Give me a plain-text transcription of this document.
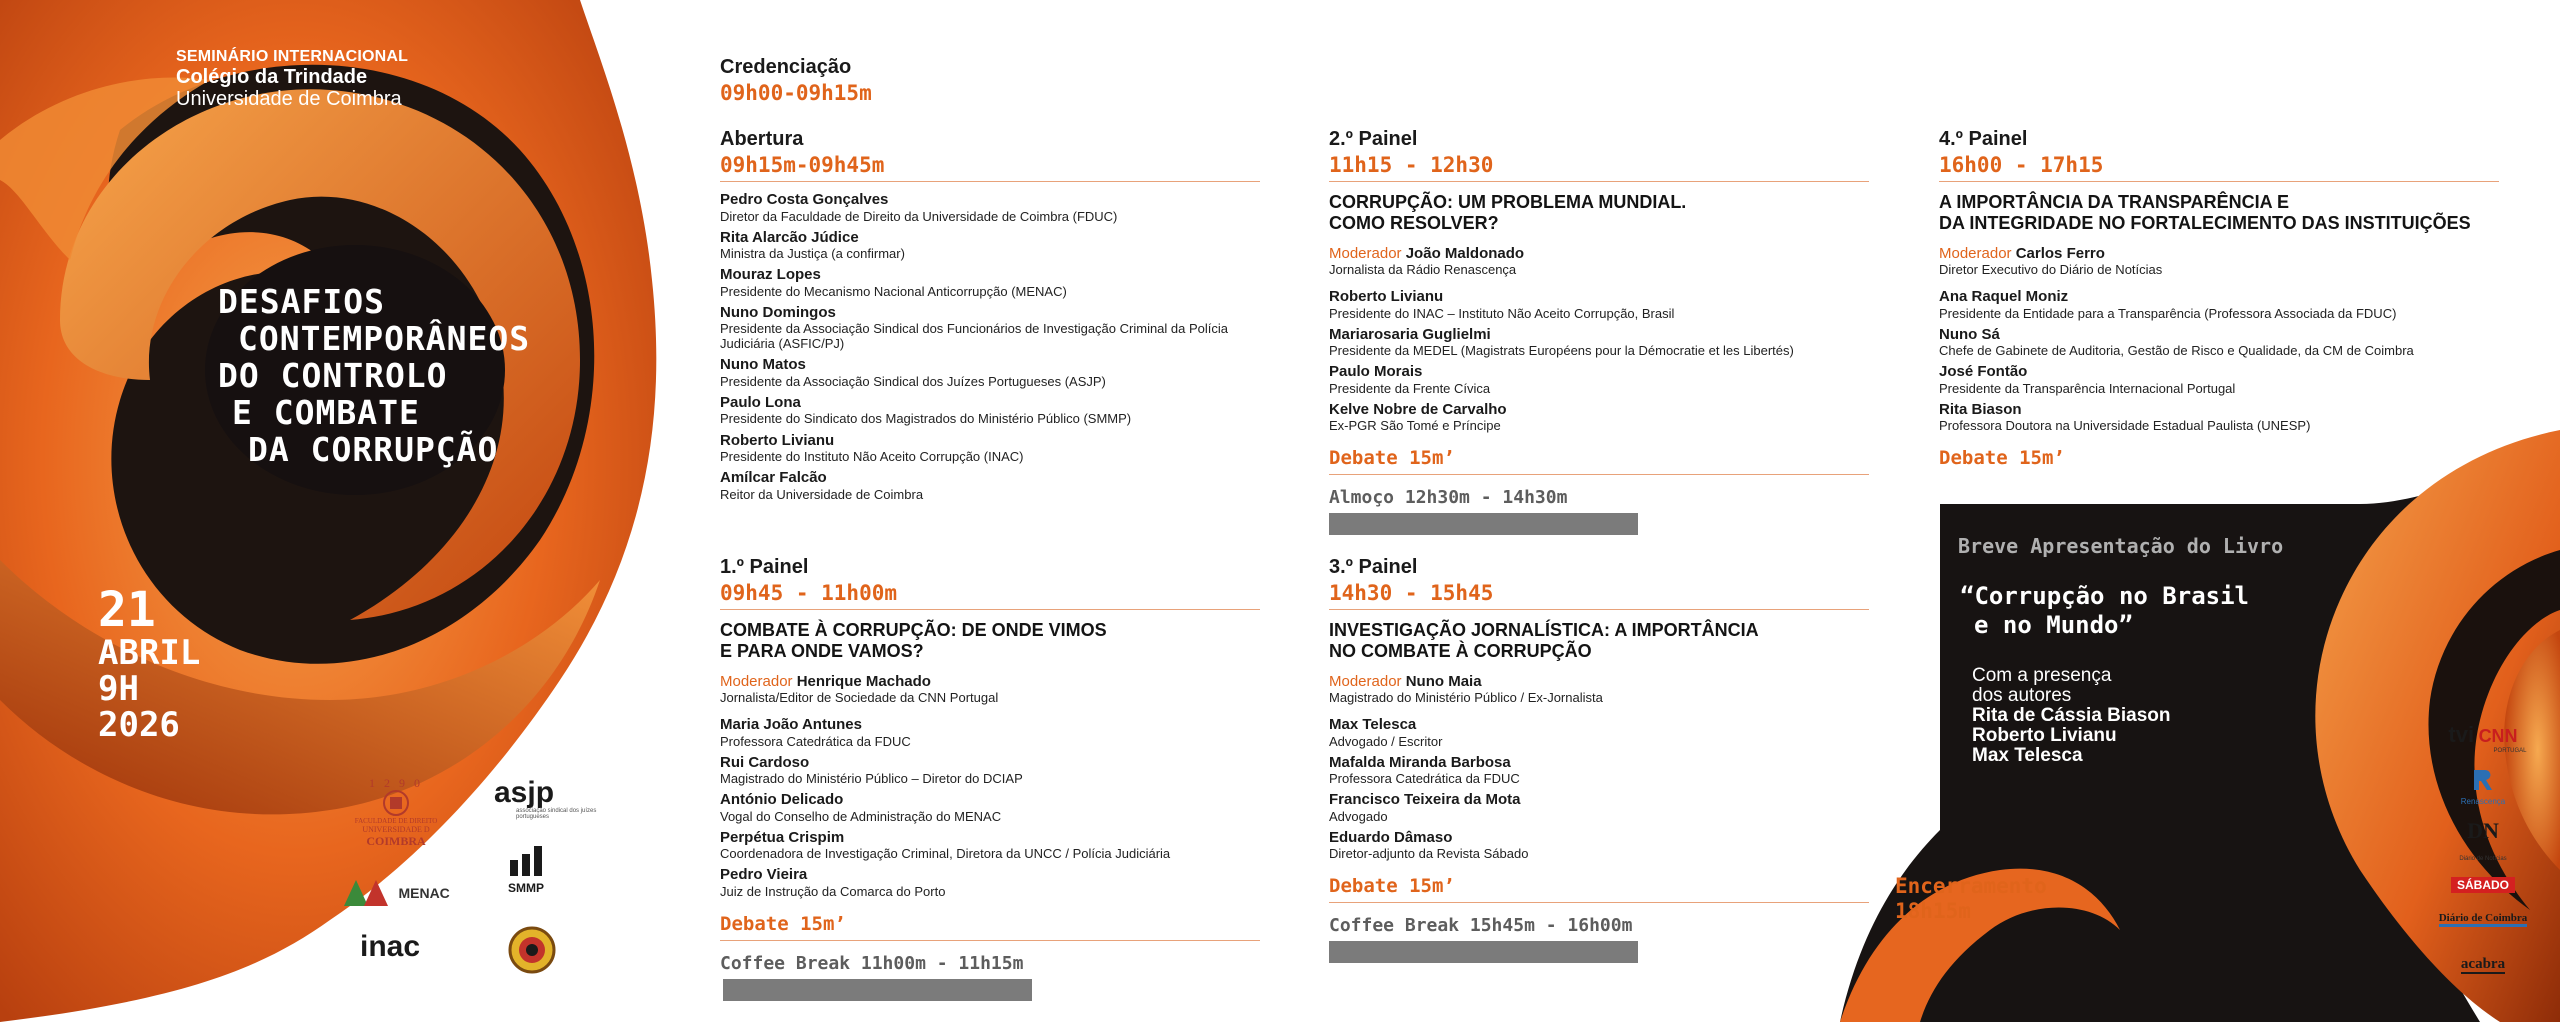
SEMINÁRIO INTERNACIONAL
Colégio da Trindade
Universidade de Coimbra
DESAFIOS
CONTEMPORÂNEOS
DO CONTROLO
E COMBATE
DA CORRUPÇÃO
21
ABRIL
9H
2026
1 2 9 0
FACULDADE DE DIREITO
UNIVERSIDADE D
COIMBRA
asjp
associação sindical dos juízes portugueses
MENAC	SMMP
inac
Credenciação
09h00-09h15m
Abertura
09h15m-09h45m
Pedro Costa Gonçalves
Diretor da Faculdade de Direito da Universidade de Coimbra (FDUC)
Rita Alarcão Júdice
Ministra da Justiça (a confirmar)
Mouraz Lopes
Presidente do Mecanismo Nacional Anticorrupção (MENAC)
Nuno Domingos
Presidente da Associação Sindical dos Funcionários de Investigação Criminal da Polícia Judiciária (ASFIC/PJ)
Nuno Matos
Presidente da Associação Sindical dos Juízes Portugueses (ASJP)
Paulo Lona
Presidente do Sindicato dos Magistrados do Ministério Público (SMMP)
Roberto Livianu
Presidente do Instituto Não Aceito Corrupção (INAC)
Amílcar Falcão
Reitor da Universidade de Coimbra
1.º Painel
09h45 - 11h00m
COMBATE À CORRUPÇÃO: DE ONDE VIMOS
E PARA ONDE VAMOS?
Moderador Henrique Machado
Jornalista/Editor de Sociedade da CNN Portugal
Maria João Antunes
Professora Catedrática da FDUC
Rui Cardoso
Magistrado do Ministério Público – Diretor do DCIAP
António Delicado
Vogal do Conselho de Administração do MENAC
Perpétua Crispim
Coordenadora de Investigação Criminal, Diretora da UNCC / Polícia Judiciária
Pedro Vieira
Juiz de Instrução da Comarca do Porto
Debate 15m’
Coffee Break 11h00m - 11h15m
2.º Painel
11h15 - 12h30
CORRUPÇÃO: UM PROBLEMA MUNDIAL.
COMO RESOLVER?
Moderador João Maldonado
Jornalista da Rádio Renascença
Roberto Livianu
Presidente do INAC – Instituto Não Aceito Corrupção, Brasil
Mariarosaria Guglielmi
Presidente da MEDEL (Magistrats Européens pour la Démocratie et les Libertés)
Paulo Morais
Presidente da Frente Cívica
Kelve Nobre de Carvalho
Ex-PGR São Tomé e Príncipe
Debate 15m’
Almoço 12h30m - 14h30m
3.º Painel
14h30 - 15h45
INVESTIGAÇÃO JORNALÍSTICA: A IMPORTÂNCIA
NO COMBATE À CORRUPÇÃO
Moderador Nuno Maia
Magistrado do Ministério Público / Ex-Jornalista
Max Telesca
Advogado / Escritor
Mafalda Miranda Barbosa
Professora Catedrática da FDUC
Francisco Teixeira da Mota
Advogado
Eduardo Dâmaso
Diretor-adjunto da Revista Sábado
Debate 15m’
Coffee Break 15h45m - 16h00m
4.º Painel
16h00 - 17h15
A IMPORTÂNCIA DA TRANSPARÊNCIA E
DA INTEGRIDADE NO FORTALECIMENTO DAS INSTITUIÇÕES
Moderador Carlos Ferro
Diretor Executivo do Diário de Notícias
Ana Raquel Moniz
Presidente da Entidade para a Transparência (Professora Associada da FDUC)
Nuno Sá
Chefe de Gabinete de Auditoria, Gestão de Risco e Qualidade, da CM de Coimbra
José Fontão
Presidente da Transparência Internacional Portugal
Rita Biason
Professora Doutora na Universidade Estadual Paulista (UNESP)
Debate 15m’
Breve Apresentação do Livro
“Corrupção no Brasil
e no Mundo”
Com a presença
dos autores
Rita de Cássia Biason
Roberto Livianu
Max Telesca
Encerramento
18h15m
tvi CNN
PORTUGAL
Renascença
DN
Diário de Notícias
SÁBADO
Diário de Coimbra
acabra
